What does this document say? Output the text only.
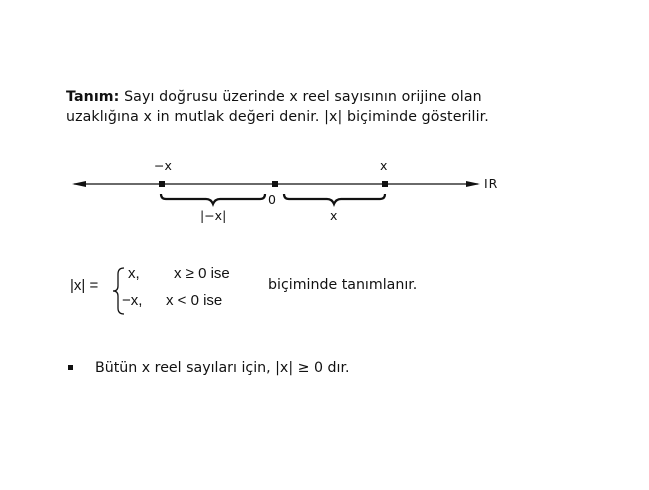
Tanım: Sayı doğrusu üzerinde x reel sayısının orijine olan
uzaklığına x in mutlak değeri denir. |x| biçiminde gösterilir.
−x	x
0
IR
|−x|	x
|x| =
x, x ≥ 0 ise
−x, x < 0 ise
biçiminde tanımlanır.
Bütün x reel sayıları için, |x| ≥ 0 dır.
